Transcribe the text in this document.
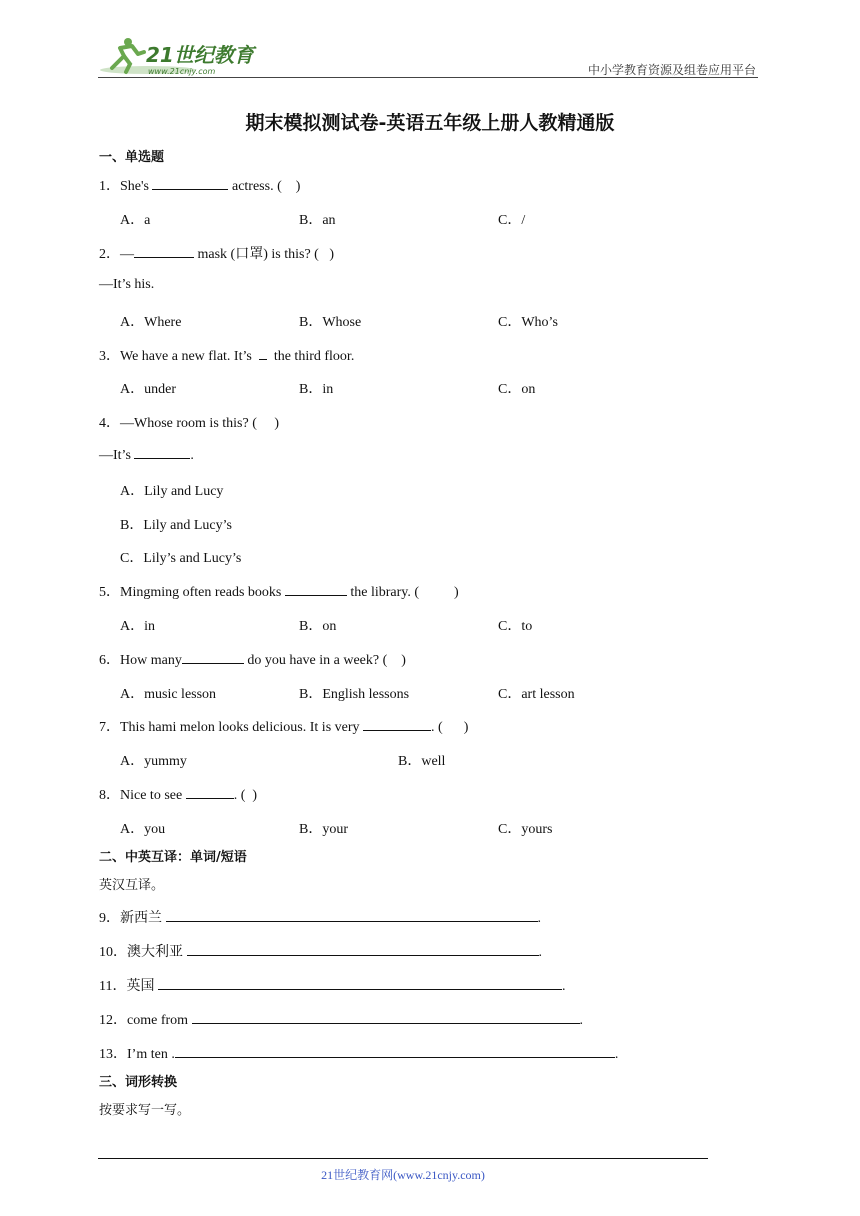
21世纪教育
www.21cnjy.com	中小学教育资源及组卷应用平台
期末模拟测试卷-英语五年级上册人教精通版
一、单选题
1．She's	actress. (    )
A．a	B．an	C．/
2．—	mask (口罩) is this? (   )
—It’s his.
A．Where	B．Whose	C．Who’s
3．We have a new flat. It’s    the third floor.
A．under	B．in	C．on
4．—Whose room is this? (     )
—It’s	.
A．Lily and Lucy
B．Lily and Lucy’s
C．Lily’s and Lucy’s
5．Mingming often reads books	the library. (          )
A．in	B．on	C．to
6．How many	do you have in a week? (    )
A．music lesson	B．English lessons	C．art lesson
7．This hami melon looks delicious. It is very	. (      )
A．yummy	B．well
8．Nice to see	. (  )
A．you	B．your	C．yours
二、中英互译：单词/短语
英汉互译。
9．新西兰	.
10．澳大利亚	.
11．英国	.
12．come from	.
13．I’m ten .	.
三、词形转换
按要求写一写。
21世纪教育网(www.21cnjy.com)
